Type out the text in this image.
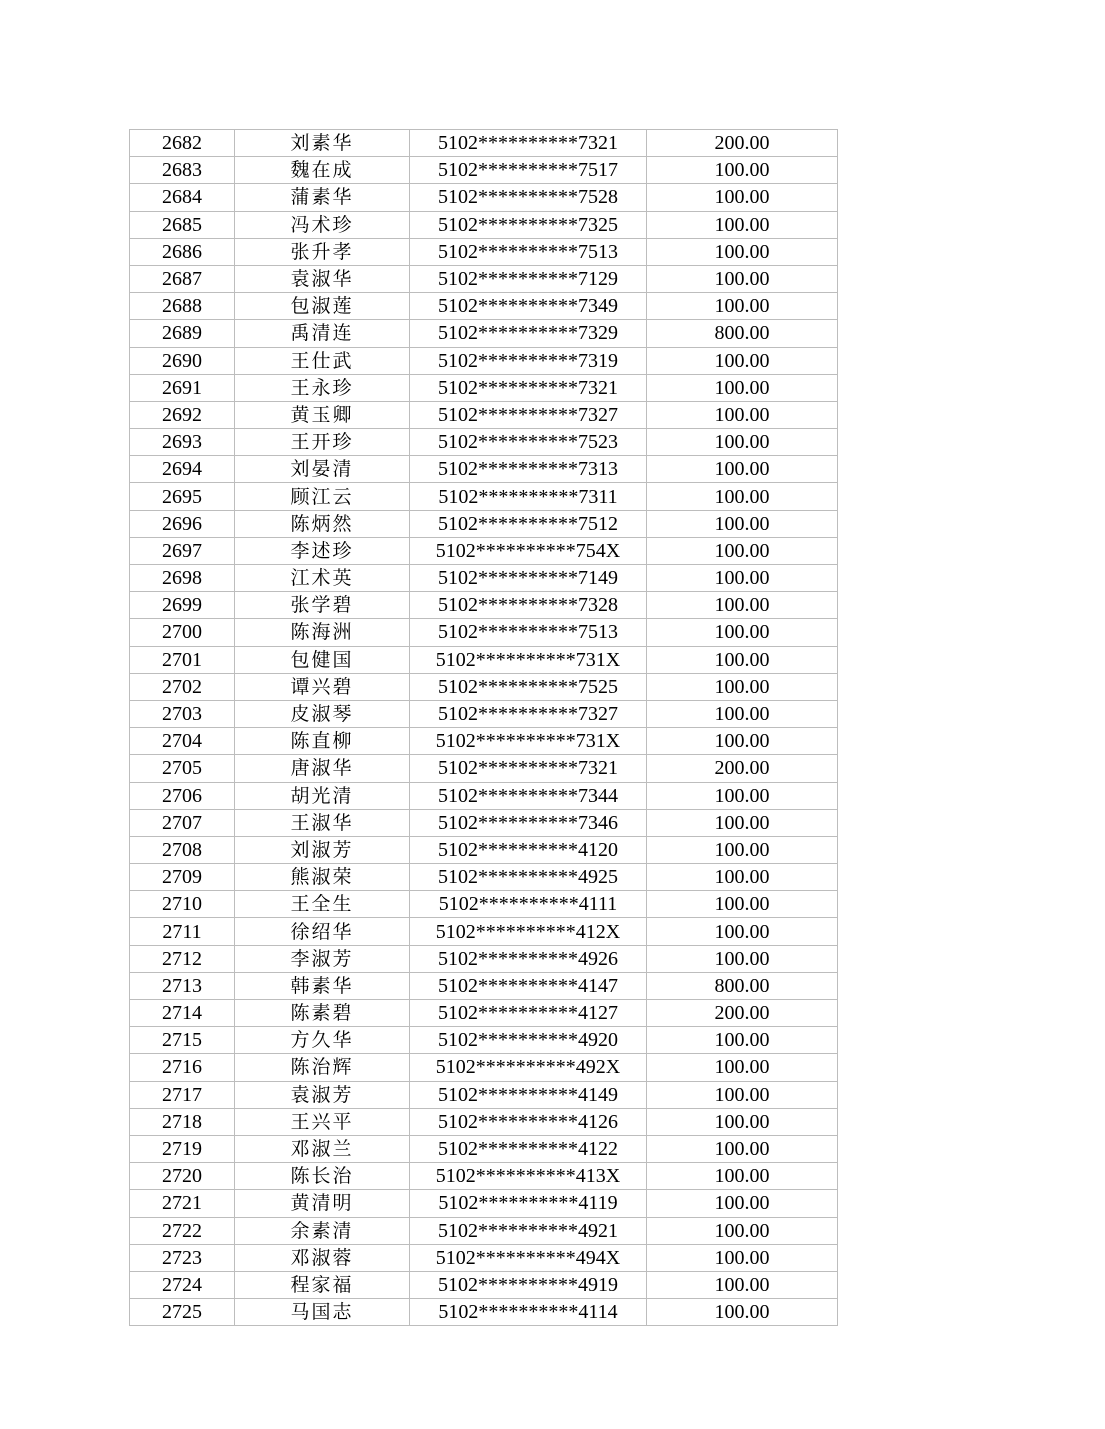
2682	刘素华	5102**********7321	200.00
2683	魏在成	5102**********7517	100.00
2684	蒲素华	5102**********7528	100.00
2685	冯术珍	5102**********7325	100.00
2686	张升孝	5102**********7513	100.00
2687	袁淑华	5102**********7129	100.00
2688	包淑莲	5102**********7349	100.00
2689	禹清连	5102**********7329	800.00
2690	王仕武	5102**********7319	100.00
2691	王永珍	5102**********7321	100.00
2692	黄玉卿	5102**********7327	100.00
2693	王开珍	5102**********7523	100.00
2694	刘晏清	5102**********7313	100.00
2695	顾江云	5102**********7311	100.00
2696	陈炳然	5102**********7512	100.00
2697	李述珍	5102**********754X	100.00
2698	江术英	5102**********7149	100.00
2699	张学碧	5102**********7328	100.00
2700	陈海洲	5102**********7513	100.00
2701	包健国	5102**********731X	100.00
2702	谭兴碧	5102**********7525	100.00
2703	皮淑琴	5102**********7327	100.00
2704	陈直柳	5102**********731X	100.00
2705	唐淑华	5102**********7321	200.00
2706	胡光清	5102**********7344	100.00
2707	王淑华	5102**********7346	100.00
2708	刘淑芳	5102**********4120	100.00
2709	熊淑荣	5102**********4925	100.00
2710	王全生	5102**********4111	100.00
2711	徐绍华	5102**********412X	100.00
2712	李淑芳	5102**********4926	100.00
2713	韩素华	5102**********4147	800.00
2714	陈素碧	5102**********4127	200.00
2715	方久华	5102**********4920	100.00
2716	陈治辉	5102**********492X	100.00
2717	袁淑芳	5102**********4149	100.00
2718	王兴平	5102**********4126	100.00
2719	邓淑兰	5102**********4122	100.00
2720	陈长治	5102**********413X	100.00
2721	黄清明	5102**********4119	100.00
2722	余素清	5102**********4921	100.00
2723	邓淑蓉	5102**********494X	100.00
2724	程家福	5102**********4919	100.00
2725	马国志	5102**********4114	100.00
